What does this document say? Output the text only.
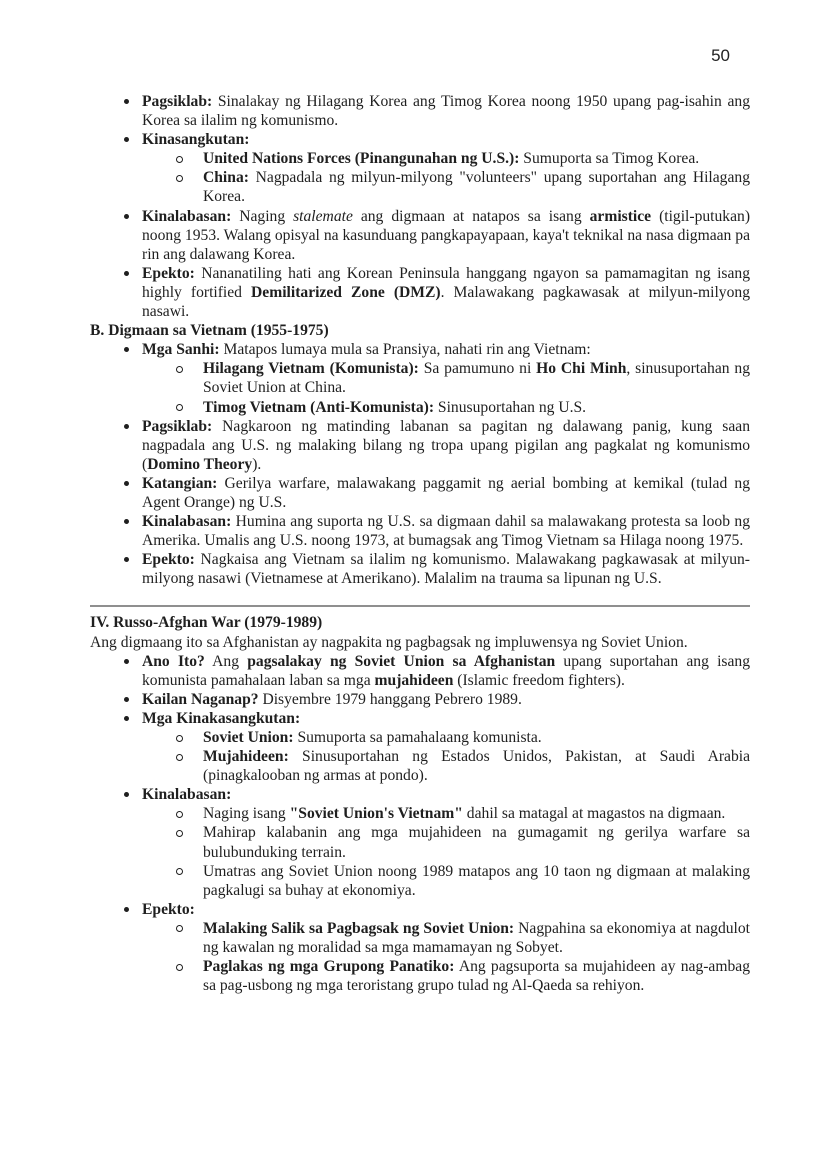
50
Pagsiklab: Sinalakay ng Hilagang Korea ang Timog Korea noong 1950 upang pag-isahin ang Korea sa ilalim ng komunismo.
Kinasangkutan:
United Nations Forces (Pinangunahan ng U.S.): Sumuporta sa Timog Korea.
China: Nagpadala ng milyun-milyong "volunteers" upang suportahan ang Hilagang Korea.
Kinalabasan: Naging stalemate ang digmaan at natapos sa isang armistice (tigil-putukan) noong 1953. Walang opisyal na kasunduang pangkapayapaan, kaya't teknikal na nasa digmaan pa rin ang dalawang Korea.
Epekto: Nananatiling hati ang Korean Peninsula hanggang ngayon sa pamamagitan ng isang highly fortified Demilitarized Zone (DMZ). Malawakang pagkawasak at milyun-milyong nasawi.
B. Digmaan sa Vietnam (1955-1975)
Mga Sanhi: Matapos lumaya mula sa Pransiya, nahati rin ang Vietnam:
Hilagang Vietnam (Komunista): Sa pamumuno ni Ho Chi Minh, sinusuportahan ng Soviet Union at China.
Timog Vietnam (Anti-Komunista): Sinusuportahan ng U.S.
Pagsiklab: Nagkaroon ng matinding labanan sa pagitan ng dalawang panig, kung saan nagpadala ang U.S. ng malaking bilang ng tropa upang pigilan ang pagkalat ng komunismo (Domino Theory).
Katangian: Gerilya warfare, malawakang paggamit ng aerial bombing at kemikal (tulad ng Agent Orange) ng U.S.
Kinalabasan: Humina ang suporta ng U.S. sa digmaan dahil sa malawakang protesta sa loob ng Amerika. Umalis ang U.S. noong 1973, at bumagsak ang Timog Vietnam sa Hilaga noong 1975.
Epekto: Nagkaisa ang Vietnam sa ilalim ng komunismo. Malawakang pagkawasak at milyun-milyong nasawi (Vietnamese at Amerikano). Malalim na trauma sa lipunan ng U.S.
IV. Russo-Afghan War (1979-1989)
Ang digmaang ito sa Afghanistan ay nagpakita ng pagbagsak ng impluwensya ng Soviet Union.
Ano Ito? Ang pagsalakay ng Soviet Union sa Afghanistan upang suportahan ang isang komunista pamahalaan laban sa mga mujahideen (Islamic freedom fighters).
Kailan Naganap? Disyembre 1979 hanggang Pebrero 1989.
Mga Kinakasangkutan:
Soviet Union: Sumuporta sa pamahalaang komunista.
Mujahideen: Sinusuportahan ng Estados Unidos, Pakistan, at Saudi Arabia (pinagkalooban ng armas at pondo).
Kinalabasan:
Naging isang "Soviet Union's Vietnam" dahil sa matagal at magastos na digmaan.
Mahirap kalabanin ang mga mujahideen na gumagamit ng gerilya warfare sa bulubunduking terrain.
Umatras ang Soviet Union noong 1989 matapos ang 10 taon ng digmaan at malaking pagkalugi sa buhay at ekonomiya.
Epekto:
Malaking Salik sa Pagbagsak ng Soviet Union: Nagpahina sa ekonomiya at nagdulot ng kawalan ng moralidad sa mga mamamayan ng Sobyet.
Paglakas ng mga Grupong Panatiko: Ang pagsuporta sa mujahideen ay nag-ambag sa pag-usbong ng mga teroristang grupo tulad ng Al-Qaeda sa rehiyon.
